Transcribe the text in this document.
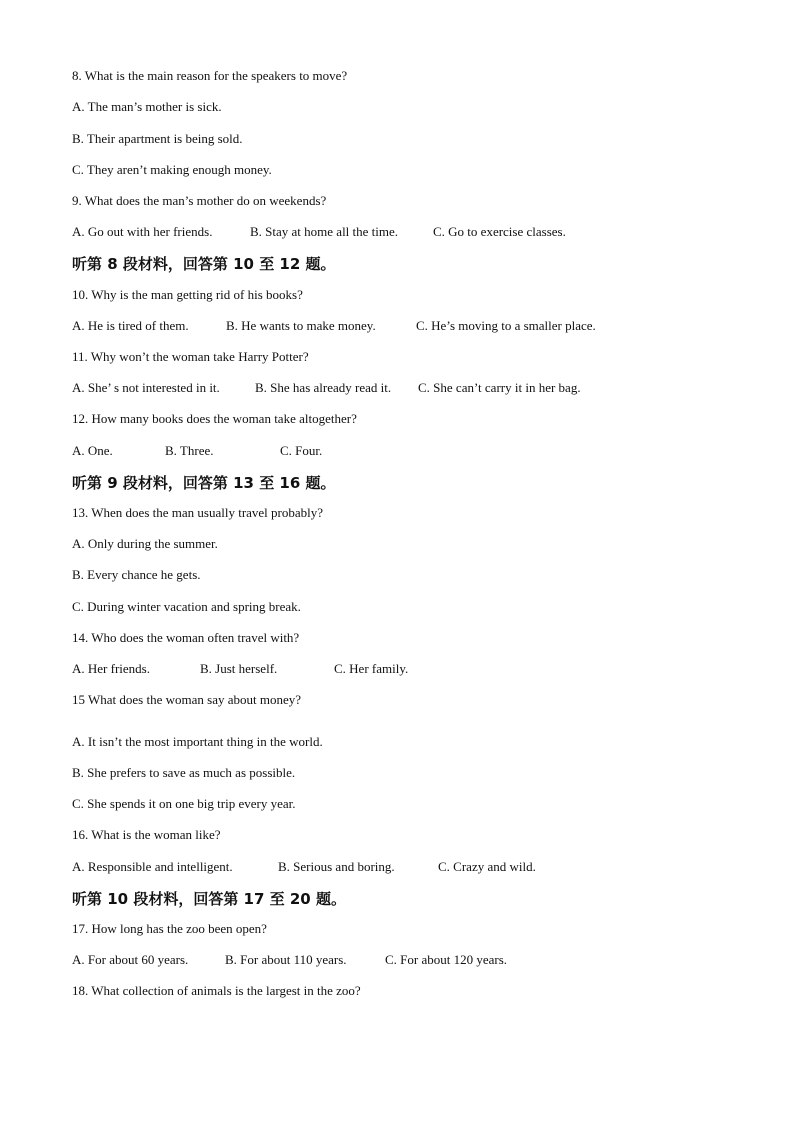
8. What is the main reason for the speakers to move?
A. The man’s mother is sick.
B. Their apartment is being sold.
C. They aren’t making enough money.
9. What does the man’s mother do on weekends?
A. Go out with her friends.	B. Stay at home all the time.	C. Go to exercise classes.
听第 8 段材料，回答第 10 至 12 题。
10. Why is the man getting rid of his books?
A. He is tired of them.	B. He wants to make money.	C. He’s moving to a smaller place.
11. Why won’t the woman take Harry Potter?
A. She’ s not interested in it.	B. She has already read it. C. She can’t carry it in her bag.
12. How many books does the woman take altogether?
A. One.	B. Three.	C. Four.
听第 9 段材料，回答第 13 至 16 题。
13. When does the man usually travel probably?
A. Only during the summer.
B. Every chance he gets.
C. During winter vacation and spring break.
14. Who does the woman often travel with?
A. Her friends.	B. Just herself.	C. Her family.
15 What does the woman say about money?
A. It isn’t the most important thing in the world.
B. She prefers to save as much as possible.
C. She spends it on one big trip every year.
16. What is the woman like?
A. Responsible and intelligent.	B. Serious and boring.	C. Crazy and wild.
听第 10 段材料，回答第 17 至 20 题。
17. How long has the zoo been open?
A. For about 60 years.	B. For about 110 years.	C. For about 120 years.
18. What collection of animals is the largest in the zoo?
